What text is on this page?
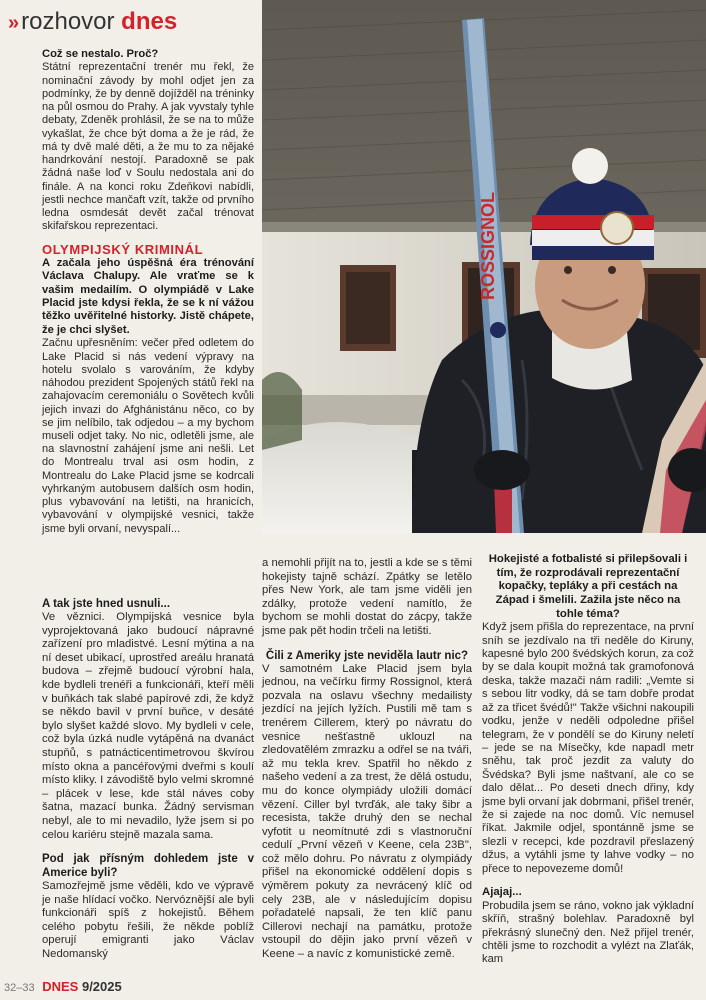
» rozhovor dnes
ROSSIGNOL

Což se nestalo. Proč?

Státní reprezentační trenér mu řekl, že nominační závody by mohl odjet jen za podmínky, že by denně dojížděl na tréninky na půl osmou do Prahy. A jak vyvstaly tyhle debaty, Zdeněk prohlásil, že se na to může vykašlat, že chce být doma a že je rád, že má ty dvě malé děti, a že mu to za nějaké handrkování nestojí. Paradoxně se pak žádná naše loď v Soulu nedostala ani do finále. A na konci roku Zdeňkovi nabídli, jestli nechce mančaft vzít, takže od prvního ledna osmdesát devět začal trénovat skifařskou reprezentaci.

OLYMPIJSKÝ KRIMINÁL

A začala jeho úspěšná éra trénování Václava Chalupy. Ale vraťme se k vašim medailím. O olympiádě v Lake Placid jste kdysi řekla, že se k ní vážou těžko uvěřitelné historky. Jistě chápete, že je chci slyšet.

Začnu upřesněním: večer před odletem do Lake Placid si nás vedení výpravy na hotelu svolalo s varováním, že kdyby náhodou prezident Spojených států řekl na zahajovacím ceremoniálu o Sovětech kvůli jejich invazi do Afghánistánu něco, co by se jim nelíbilo, tak odjedou – a my bychom museli odjet taky. No nic, odletěli jsme, ale na slavnostní zahájení jsme ani nešli. Let do Montrealu trval asi osm hodin, z Montrealu do Lake Placid jsme se kodrcali vyhrkaným autobusem dalších osm hodin, plus vybavování na letišti, na hranicích, vybavování v olympijské vesnici, takže jsme byli orvaní, nevyspalí...

A tak jste hned usnuli...

Ve věznici. Olympijská vesnice byla vyprojektovaná jako budoucí nápravné zařízení pro mladistvé. Lesní mýtina a na ní deset ubikací, uprostřed areálu hranatá budova – zřejmě budoucí výrobní hala, kde bydleli trenéři a funkcionáři, kteří měli v buňkách tak slabé papírové zdi, že když se někdo bavil v první buňce, v desáté bylo slyšet každé slovo. My bydleli v cele, což byla úzká nudle vytápěná na dvanáct stupňů, s patnácticentimetrovou škvírou místo okna a pancéřovými dveřmi s koulí místo kliky. I závodiště bylo velmi skromné – plácek v lese, kde stál náves coby šatna, mazací bunka. Žádný servisman nebyl, ale to mi nevadilo, lyže jsem si po celou kariéru stejně mazala sama.

Pod jak přísným dohledem jste v Americe byli?

Samozřejmě jsme věděli, kdo ve výpravě je naše hlídací vočko. Nervóznější ale byli funkcionáři spíš z hokejistů. Během celého pobytu řešili, že někde poblíž operují emigranti jako Václav Nedomanský

a nemohli přijít na to, jestli a kde se s těmi hokejisty tajně schází. Zpátky se letělo přes New York, ale tam jsme viděli jen zdálky, protože vedení namítlo, že bychom se mohli dostat do zácpy, takže jsme pak pět hodin trčeli na letišti.

Čili z Ameriky jste neviděla lautr nic?

V samotném Lake Placid jsem byla jednou, na večírku firmy Rossignol, která pozvala na oslavu všechny medailisty jezdící na jejích lyžích. Pustili mě tam s trenérem Cillerem, který po návratu do vesnice nešťastně uklouzl na zledovatělém zmrazku a odřel se na tváři, až mu tekla krev. Spatřil ho někdo z našeho vedení a za trest, že dělá ostudu, mu do konce olympiády uložili domácí vězení. Ciller byl tvrďák, ale taky šibr a recesista, takže druhý den se nechal vyfotit u neomítnuté zdi s vlastnoruční cedulí „První vězeň v Keene, cela 23B", což mělo dohru. Po návratu z olympiády přišel na ekonomické oddělení dopis s výměrem pokuty za nevrácený klíč od cely 23B, ale v následujícím dopisu pořadatelé napsali, že ten klíč panu Cillerovi nechají na památku, protože vstoupil do dějin jako první vězeň v Keene – a navíc z komunistické země.

Hokejisté a fotbalisté si přilepšovali i tím, že rozprodávali reprezentační kopačky, tepláky a při cestách na Západ i šmelili. Zažila jste něco na tohle téma?

Když jsem přišla do reprezentace, na první sníh se jezdívalo na tři neděle do Kiruny, kapesné bylo 200 švédských korun, za což by se dala koupit možná tak gramofonová deska, takže mazači nám radili: „Vemte si s sebou litr vodky, dá se tam dobře prodat až za třicet švédů!" Takže všichni nakoupili vodku, jenže v neděli odpoledne přišel telegram, že v pondělí se do Kiruny neletí – jede se na Mísečky, kde napadl metr sněhu, tak proč jezdit za valuty do Švédska? Byli jsme naštvaní, ale co se dalo dělat... Po deseti dnech dřiny, kdy jsme byli orvaní jak dobrmani, přišel trenér, že si zajede na noc domů. Víc nemusel říkat. Jakmile odjel, spontánně jsme se slezli v recepci, kde pozdravil přeslazený džus, a vytáhli jsme ty lahve vodky – no přece to nepovezeme domů!

Ajajaj...

Probudila jsem se ráno, vokno jak výkladní skříň, strašný bolehlav. Paradoxně byl překrásný slunečný den. Než přijel trenér, chtěli jsme to rozchodit a vylézt na Zlaťák, kam

32–33 DNES 9/2025
